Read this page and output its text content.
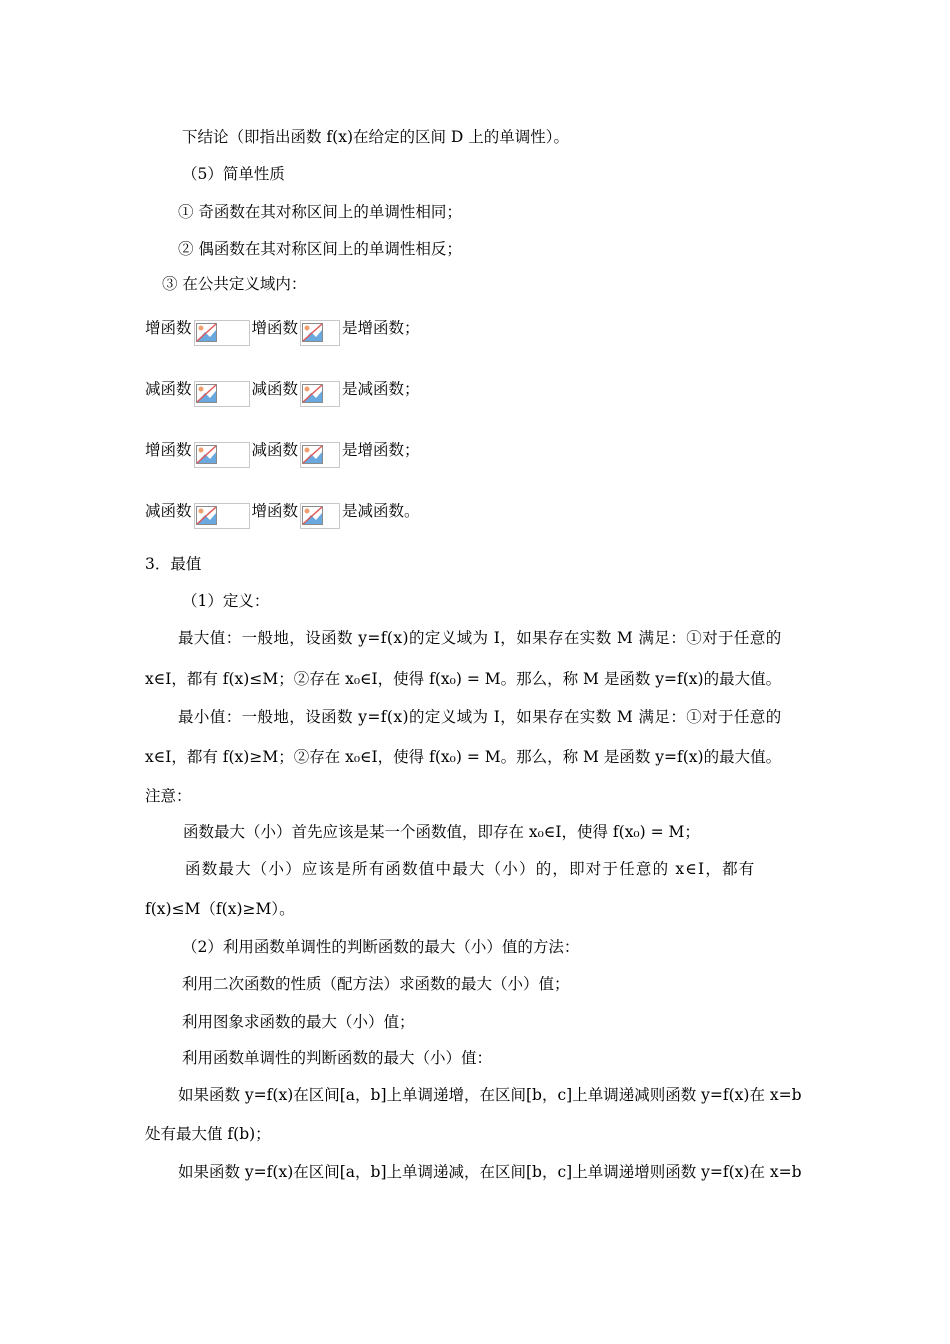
下结论（即指出函数 f(x)在给定的区间 D 上的单调性）。
（5）简单性质
① 奇函数在其对称区间上的单调性相同；
② 偶函数在其对称区间上的单调性相反；
③ 在公共定义域内：
增函数	增函数	是增函数；
减函数	减函数	是减函数；
增函数	减函数	是增函数；
减函数	增函数	是减函数。
3．最值
（1）定义：
最大值：一般地，设函数 y=f(x)的定义域为 I，如果存在实数 M 满足：①对于任意的
x∈I，都有 f(x)≤M；②存在 x₀∈I，使得 f(x₀) = M。那么，称 M 是函数 y=f(x)的最大值。
最小值：一般地，设函数 y=f(x)的定义域为 I，如果存在实数 M 满足：①对于任意的
x∈I，都有 f(x)≥M；②存在 x₀∈I，使得 f(x₀) = M。那么，称 M 是函数 y=f(x)的最大值。
注意：
函数最大（小）首先应该是某一个函数值，即存在 x₀∈I，使得 f(x₀) = M；
函数最大（小）应该是所有函数值中最大（小）的，即对于任意的 x∈I，都有
f(x)≤M（f(x)≥M）。
（2）利用函数单调性的判断函数的最大（小）值的方法：
利用二次函数的性质（配方法）求函数的最大（小）值；
利用图象求函数的最大（小）值；
利用函数单调性的判断函数的最大（小）值：
如果函数 y=f(x)在区间[a，b]上单调递增，在区间[b，c]上单调递减则函数 y=f(x)在 x=b
处有最大值 f(b)；
如果函数 y=f(x)在区间[a，b]上单调递减，在区间[b，c]上单调递增则函数 y=f(x)在 x=b
